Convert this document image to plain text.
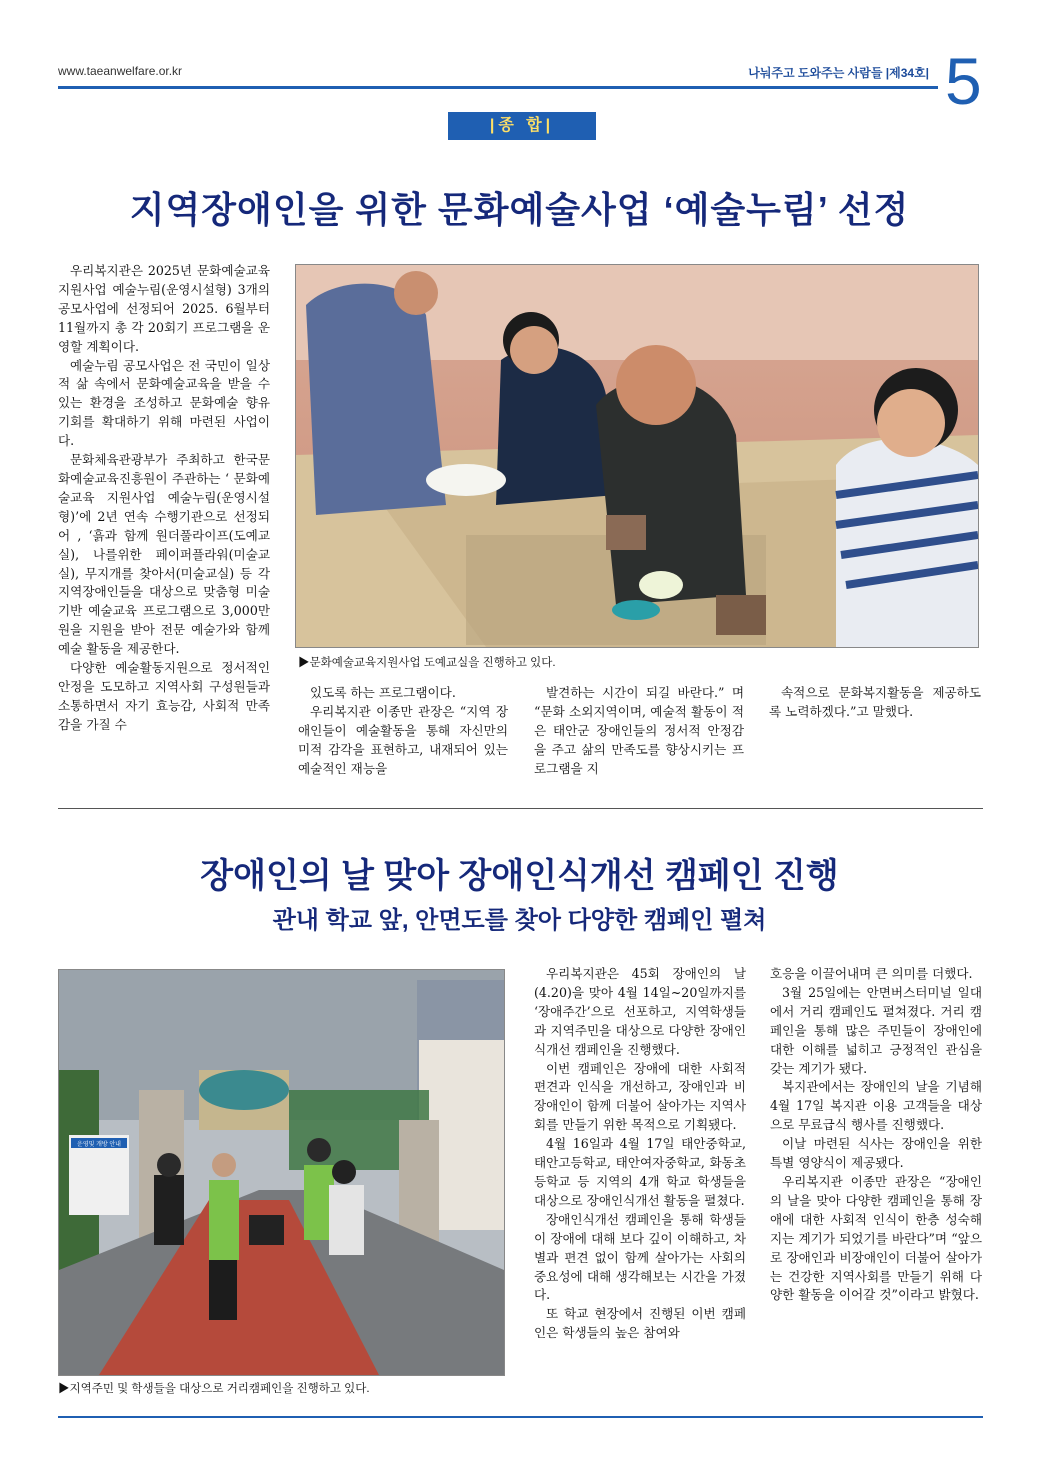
www.taeanwelfare.or.kr	나눠주고 도와주는 사람들 |제34호| 5
|종 합|
지역장애인을 위한 문화예술사업 ‘예술누림’ 선정

우리복지관은 2025년 문화예술교육지원사업 예술누림(운영시설형) 3개의 공모사업에 선정되어 2025. 6월부터 11월까지 총 각 20회기 프로그램을 운영할 계획이다.

예술누림 공모사업은 전 국민이 일상적 삶 속에서 문화예술교육을 받을 수 있는 환경을 조성하고 문화예술 향유 기회를 확대하기 위해 마련된 사업이다.

문화체육관광부가 주최하고 한국문화예술교육진흥원이 주관하는 ‘ 문화예술교육 지원사업 예술누림(운영시설형)’에 2년 연속 수행기관으로 선정되어 , ‘흙과 함께 원더풀라이프(도예교실), 나를위한 페이퍼플라워(미술교실), 무지개를 찾아서(미술교실) 등 각 지역장애인들을 대상으로 맞춤형 미술 기반 예술교육 프로그램으로 3,000만원을 지원을 받아 전문 예술가와 함께 예술 활동을 제공한다.

다양한 예술활동지원으로 정서적인 안정을 도모하고 지역사회 구성원들과 소통하면서 자기 효능감, 사회적 만족감을 가질 수

▶문화예술교육지원사업 도예교실을 진행하고 있다.

있도록 하는 프로그램이다.

우리복지관 이종만 관장은 “지역 장애인들이 예술활동을 통해 자신만의 미적 감각을 표현하고, 내재되어 있는 예술적인 재능을

발견하는 시간이 되길 바란다.” 며 “문화 소외지역이며, 예술적 활동이 적은 태안군 장애인들의 정서적 안정감을 주고 삶의 만족도를 향상시키는 프로그램을 지

속적으로 문화복지활동을 제공하도록 노력하겠다.”고 말했다.

장애인의 날 맞아 장애인식개선 캠페인 진행
관내 학교 앞, 안면도를 찾아 다양한 캠페인 펼쳐
운영및 개방 안내
▶지역주민 및 학생들을 대상으로 거리캠페인을 진행하고 있다.

우리복지관은 45회 장애인의 날(4.20)을 맞아 4월 14일~20일까지를 ‘장애주간’으로 선포하고, 지역학생들과 지역주민을 대상으로 다양한 장애인식개선 캠페인을 진행했다.

이번 캠페인은 장애에 대한 사회적 편견과 인식을 개선하고, 장애인과 비장애인이 함께 더불어 살아가는 지역사회를 만들기 위한 목적으로 기획됐다.

4월 16일과 4월 17일 태안중학교, 태안고등학교, 태안여자중학교, 화동초등학교 등 지역의 4개 학교 학생들을 대상으로 장애인식개선 활동을 펼쳤다.

장애인식개선 캠페인을 통해 학생들이 장애에 대해 보다 깊이 이해하고, 차별과 편견 없이 함께 살아가는 사회의 중요성에 대해 생각해보는 시간을 가졌다.

또 학교 현장에서 진행된 이번 캠페인은 학생들의 높은 참여와

호응을 이끌어내며 큰 의미를 더했다.

3월 25일에는 안면버스터미널 일대에서 거리 캠페인도 펼쳐졌다. 거리 캠페인을 통해 많은 주민들이 장애인에 대한 이해를 넓히고 긍정적인 관심을 갖는 계기가 됐다.

복지관에서는 장애인의 날을 기념해 4월 17일 복지관 이용 고객들을 대상으로 무료급식 행사를 진행했다.

이날 마련된 식사는 장애인을 위한 특별 영양식이 제공됐다.

우리복지관 이종만 관장은 “장애인의 날을 맞아 다양한 캠페인을 통해 장애에 대한 사회적 인식이 한층 성숙해지는 계기가 되었기를 바란다”며 “앞으로 장애인과 비장애인이 더불어 살아가는 건강한 지역사회를 만들기 위해 다양한 활동을 이어갈 것”이라고 밝혔다.
